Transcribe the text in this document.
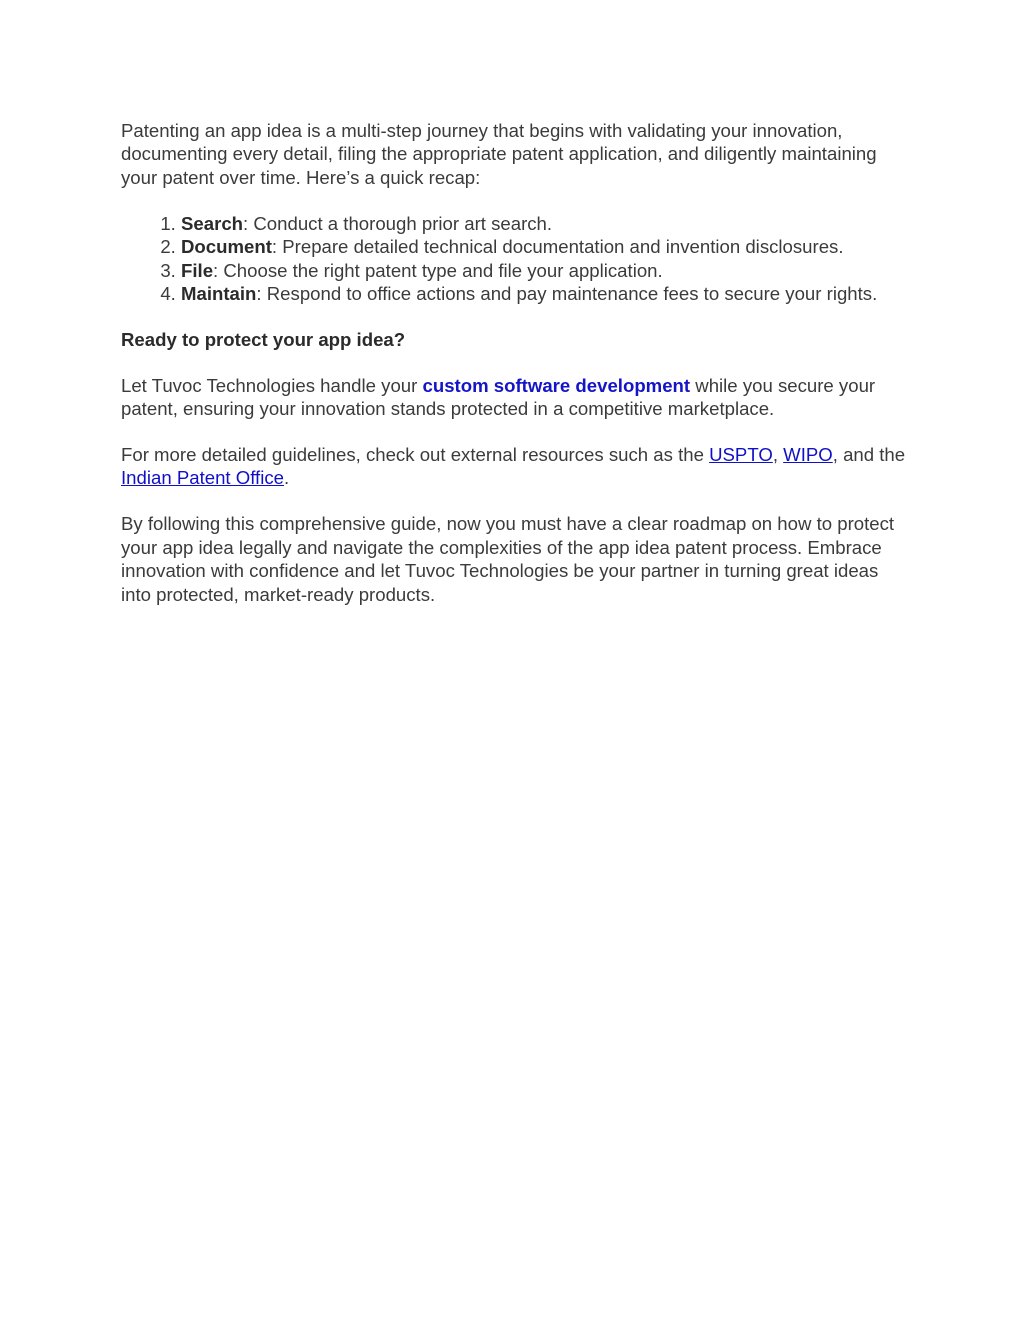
Patenting an app idea is a multi-step journey that begins with validating your innovation, documenting every detail, filing the appropriate patent application, and diligently maintaining your patent over time. Here’s a quick recap:

1. Search: Conduct a thorough prior art search.
2. Document: Prepare detailed technical documentation and invention disclosures.
3. File: Choose the right patent type and file your application.
4. Maintain: Respond to office actions and pay maintenance fees to secure your rights.

Ready to protect your app idea?

Let Tuvoc Technologies handle your custom software development while you secure your patent, ensuring your innovation stands protected in a competitive marketplace.

For more detailed guidelines, check out external resources such as the USPTO, WIPO, and the Indian Patent Office.

By following this comprehensive guide, now you must have a clear roadmap on how to protect your app idea legally and navigate the complexities of the app idea patent process. Embrace innovation with confidence and let Tuvoc Technologies be your partner in turning great ideas into protected, market-ready products.
